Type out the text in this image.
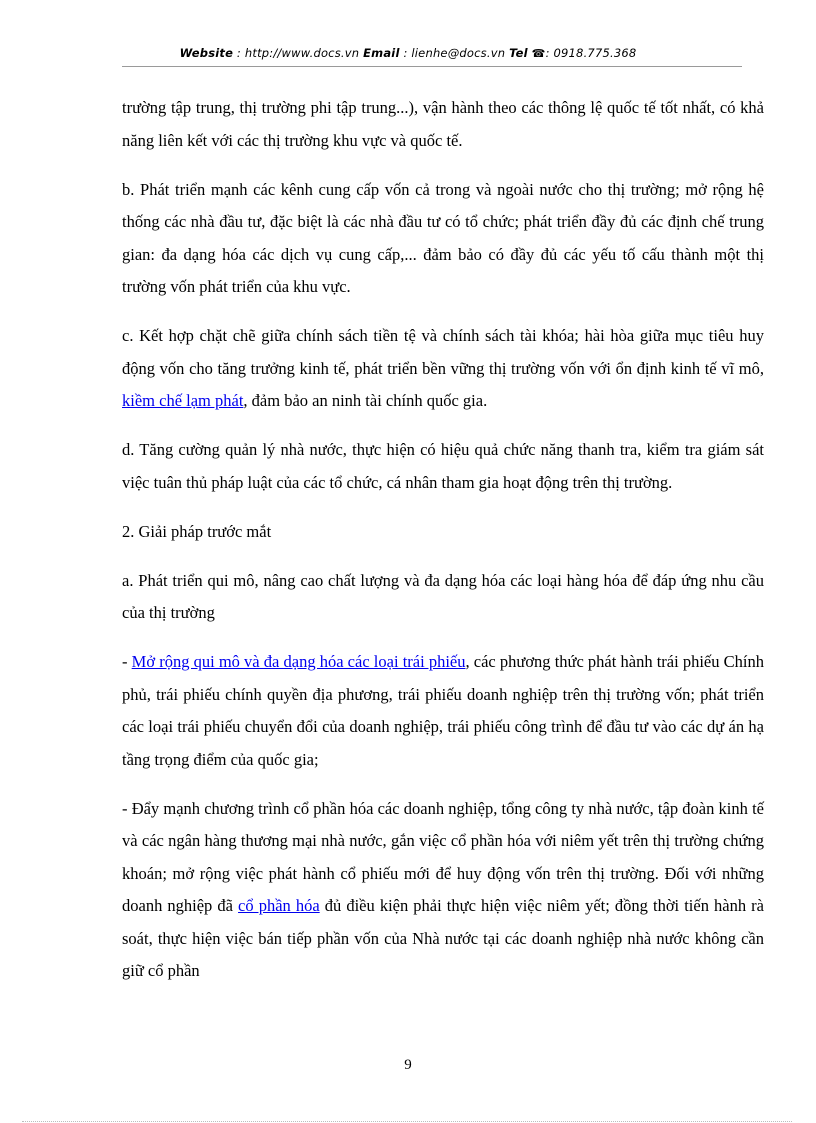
Website : http://www.docs.vn Email : lienhe@docs.vn Tel ☎: 0918.775.368

trường tập trung, thị trường phi tập trung...), vận hành theo các thông lệ quốc tế tốt nhất, có khả năng liên kết với các thị trường khu vực và quốc tế.

b. Phát triển mạnh các kênh cung cấp vốn cả trong và ngoài nước cho thị trường; mở rộng hệ thống các nhà đầu tư, đặc biệt là các nhà đầu tư có tổ chức; phát triển đầy đủ các định chế trung gian: đa dạng hóa các dịch vụ cung cấp,... đảm bảo có đầy đủ các yếu tố cấu thành một thị trường vốn phát triển của khu vực.

c. Kết hợp chặt chẽ giữa chính sách tiền tệ và chính sách tài khóa; hài hòa giữa mục tiêu huy động vốn cho tăng trưởng kinh tế, phát triển bền vững thị trường vốn với ổn định kinh tế vĩ mô, kiềm chế lạm phát, đảm bảo an ninh tài chính quốc gia.

d. Tăng cường quản lý nhà nước, thực hiện có hiệu quả chức năng thanh tra, kiểm tra giám sát việc tuân thủ pháp luật của các tổ chức, cá nhân tham gia hoạt động trên thị trường.

2. Giải pháp trước mắt

a. Phát triển qui mô, nâng cao chất lượng và đa dạng hóa các loại hàng hóa để đáp ứng nhu cầu của thị trường

- Mở rộng qui mô và đa dạng hóa các loại trái phiếu, các phương thức phát hành trái phiếu Chính phủ, trái phiếu chính quyền địa phương, trái phiếu doanh nghiệp trên thị trường vốn; phát triển các loại trái phiếu chuyển đổi của doanh nghiệp, trái phiếu công trình để đầu tư vào các dự án hạ tầng trọng điểm của quốc gia;

- Đẩy mạnh chương trình cổ phần hóa các doanh nghiệp, tổng công ty nhà nước, tập đoàn kinh tế và các ngân hàng thương mại nhà nước, gắn việc cổ phần hóa với niêm yết trên thị trường chứng khoán; mở rộng việc phát hành cổ phiếu mới để huy động vốn trên thị trường. Đối với những doanh nghiệp đã cổ phần hóa đủ điều kiện phải thực hiện việc niêm yết; đồng thời tiến hành rà soát, thực hiện việc bán tiếp phần vốn của Nhà nước tại các doanh nghiệp nhà nước không cần giữ cổ phần

9
